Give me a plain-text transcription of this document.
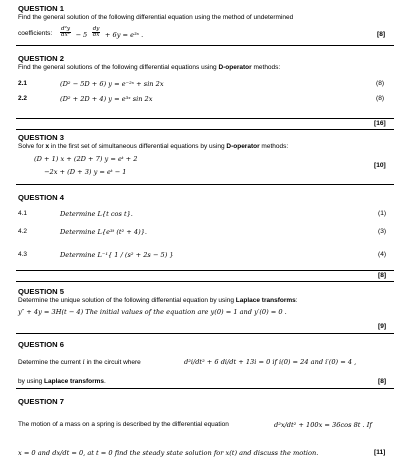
QUESTION 1
Find the general solution of the following differential equation using the method of undetermined
coefficients: $\frac{\text{d²y}}{\text{dx²}} - 5 \frac{dy}{dx} + 6y$ = e³ˣ .	[8]
QUESTION 2
Find the general solutions of the following differential equations using D-operator methods:
2.1	(D² − 5D + 6) y = e⁻²ˣ + sin 2x	(8)
2.2	(D² + 2D + 4) y = e³ˣ sin 2x	(8)
[16]
QUESTION 3
Solve for x in the first set of simultaneous differential equations by using D-operator methods:
(D + 1) x + (2D + 7) y = eᵗ + 2
−2x + (D + 3) y = eᵗ − 1
[10]
QUESTION 4
4.1	Determine L{t cos t}.	(1)
4.2	Determine L{e³ᵗ (t² + 4)}.	(3)
4.3	Determine L⁻¹{ 1 / (s² + 2s − 5) }	(4)
[8]
QUESTION 5
Determine the unique solution of the following differential equation by using Laplace transforms:
y″ + 4y = 3H(t − 4) The initial values of the equation are y(0) = 1 and y′(0) = 0 .
[9]
QUESTION 6
Determine the current i in the circuit where	d²i/dt² + 6 di/dt + 13i = 0 if i(0) = 24 and i′(0) = 4 ,
by using Laplace transforms.	[8]
QUESTION 7
The motion of a mass on a spring is described by the differential equation	d²x/dt² + 100x = 36cos 8t . If
x = 0 and dx/dt = 0, at t = 0 find the steady state solution for x(t) and discuss the motion.	[11]
